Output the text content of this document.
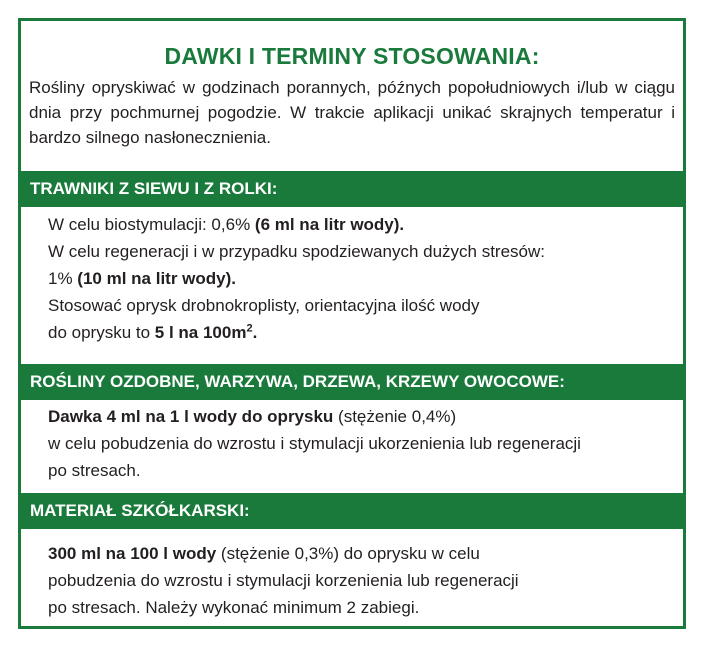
DAWKI I TERMINY STOSOWANIA:
Rośliny opryskiwać w godzinach porannych, późnych popołudniowych i/lub w ciągu dnia przy pochmurnej pogodzie. W trakcie aplikacji unikać skrajnych temperatur i bardzo silnego nasłonecznienia.
TRAWNIKI Z SIEWU I Z ROLKI:
W celu biostymulacji: 0,6% (6 ml na litr wody).
W celu regeneracji i w przypadku spodziewanych dużych stresów:
1% (10 ml na litr wody).
Stosować oprysk drobnokroplisty, orientacyjna ilość wody
do oprysku to 5 l na $100m^2$.
ROŚLINY OZDOBNE, WARZYWA, DRZEWA, KRZEWY OWOCOWE:
Dawka 4 ml na 1 l wody do oprysku (stężenie 0,4%)
w celu pobudzenia do wzrostu i stymulacji ukorzenienia lub regeneracji
po stresach.
MATERIAŁ SZKÓŁKARSKI:
300 ml na 100 l wody (stężenie 0,3%) do oprysku w celu
pobudzenia do wzrostu i stymulacji korzenienia lub regeneracji
po stresach. Należy wykonać minimum 2 zabiegi.
